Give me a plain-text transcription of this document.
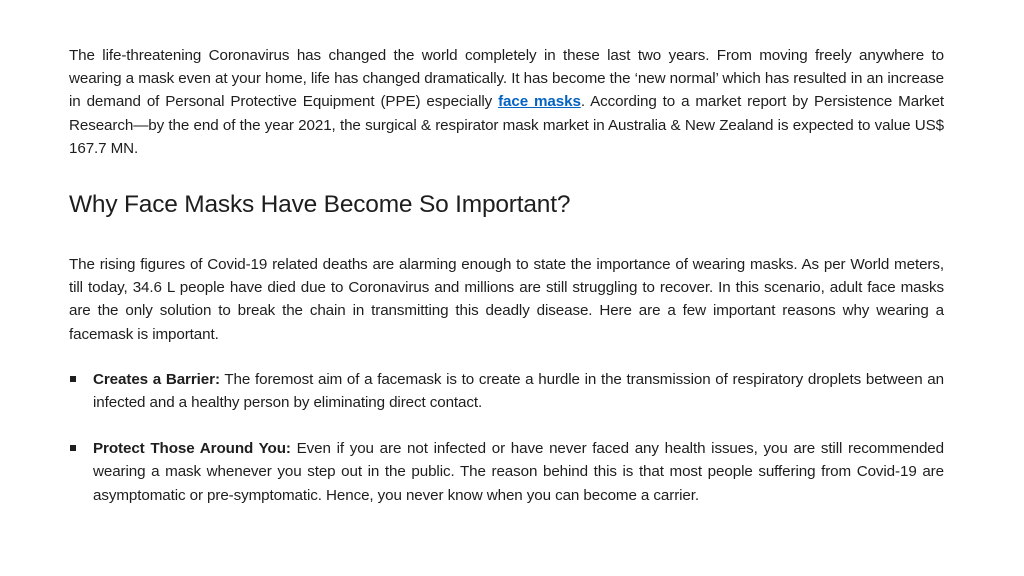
The life-threatening Coronavirus has changed the world completely in these last two years. From moving freely anywhere to wearing a mask even at your home, life has changed dramatically. It has become the ‘new normal’ which has resulted in an increase in demand of Personal Protective Equipment (PPE) especially face masks. According to a market report by Persistence Market Research—by the end of the year 2021, the surgical & respirator mask market in Australia & New Zealand is expected to value US$ 167.7 MN.

Why Face Masks Have Become So Important?

The rising figures of Covid-19 related deaths are alarming enough to state the importance of wearing masks. As per World meters, till today, 34.6 L people have died due to Coronavirus and millions are still struggling to recover. In this scenario, adult face masks are the only solution to break the chain in transmitting this deadly disease. Here are a few important reasons why wearing a facemask is important.

Creates a Barrier: The foremost aim of a facemask is to create a hurdle in the transmission of respiratory droplets between an infected and a healthy person by eliminating direct contact.
Protect Those Around You: Even if you are not infected or have never faced any health issues, you are still recommended wearing a mask whenever you step out in the public. The reason behind this is that most people suffering from Covid-19 are asymptomatic or pre-symptomatic. Hence, you never know when you can become a carrier.
